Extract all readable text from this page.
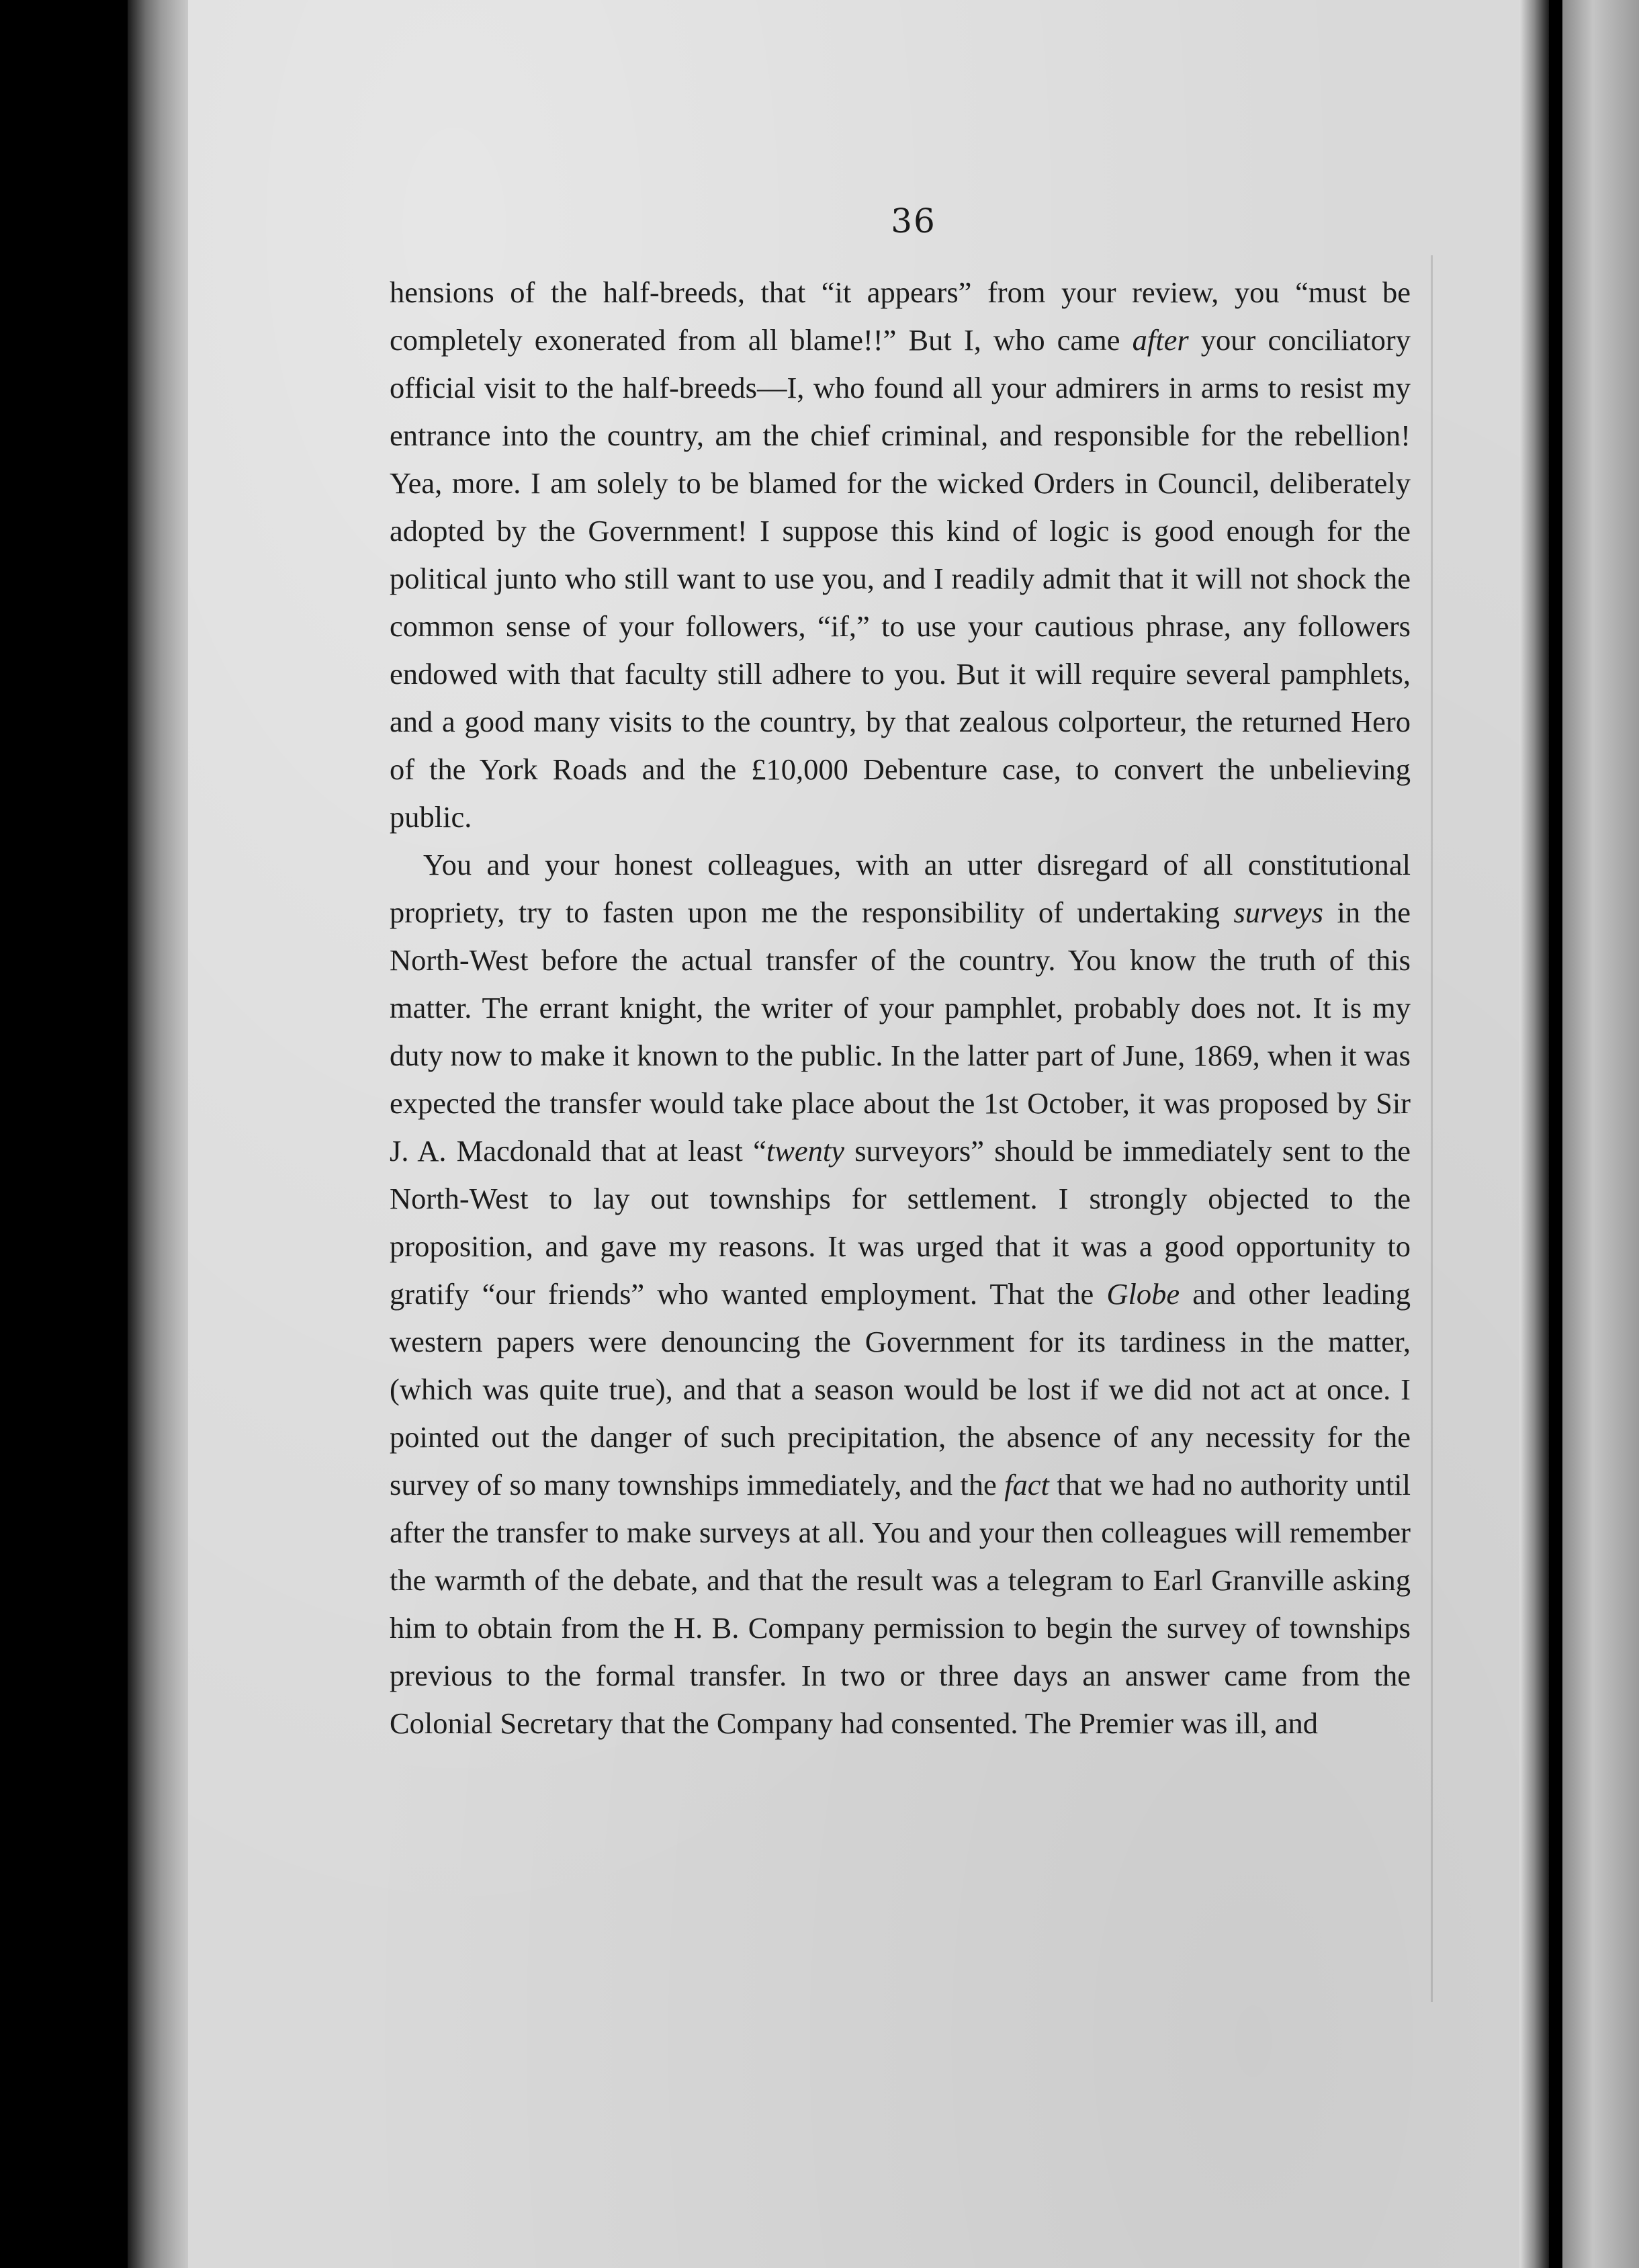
36

hensions of the half-breeds, that “it appears” from your review, you “must be completely exonerated from all blame!!” But I, who came after your conciliatory official visit to the half-breeds—I, who found all your admirers in arms to resist my entrance into the country, am the chief criminal, and responsible for the rebellion! Yea, more. I am solely to be blamed for the wicked Orders in Council, deliberately adopted by the Government! I suppose this kind of logic is good enough for the political junto who still want to use you, and I readily admit that it will not shock the common sense of your followers, “if,” to use your cautious phrase, any followers endowed with that faculty still adhere to you. But it will require several pamphlets, and a good many visits to the country, by that zealous colporteur, the returned Hero of the York Roads and the £10,000 Debenture case, to convert the unbelieving public.

You and your honest colleagues, with an utter disregard of all constitutional propriety, try to fasten upon me the responsibility of undertaking surveys in the North-West before the actual transfer of the country. You know the truth of this matter. The errant knight, the writer of your pamphlet, probably does not. It is my duty now to make it known to the public. In the latter part of June, 1869, when it was expected the transfer would take place about the 1st October, it was proposed by Sir J. A. Macdonald that at least “twenty surveyors” should be immediately sent to the North-West to lay out townships for settlement. I strongly objected to the proposition, and gave my reasons. It was urged that it was a good opportunity to gratify “our friends” who wanted employment. That the Globe and other leading western papers were denouncing the Government for its tardiness in the matter, (which was quite true), and that a season would be lost if we did not act at once. I pointed out the danger of such precipitation, the absence of any necessity for the survey of so many townships immediately, and the fact that we had no authority until after the transfer to make surveys at all. You and your then colleagues will remember the warmth of the debate, and that the result was a telegram to Earl Granville asking him to obtain from the H. B. Company permission to begin the survey of townships previous to the formal transfer. In two or three days an answer came from the Colonial Secretary that the Company had consented. The Premier was ill, and
